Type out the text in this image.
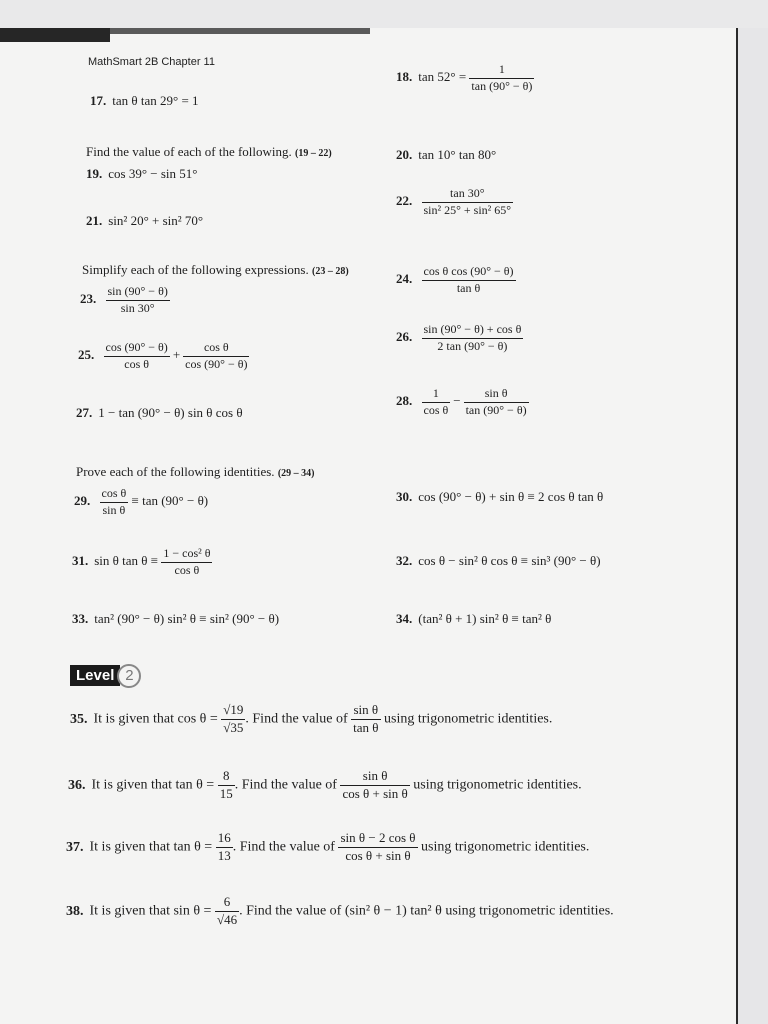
MathSmart 2B Chapter 11
17. tan θ tan 29° = 1
18. $\tan 52^\circ = \frac{1}{\tan (90^\circ - \theta)}$
Find the value of each of the following. (19 – 22)
19. cos 39° − sin 51°
20. tan 10° tan 80°
21. sin² 20° + sin² 70°
22. $\frac{\tan 30^\circ}{\text{sin² 25° + sin² 65°}}$
Simplify each of the following expressions. (23 – 28)
23. $\frac{\sin (90^\circ - \theta)}{\sin 30^\circ}$
24. $\frac{\text{cos θ cos (90° − θ)}}{\text{tan θ}}$
25. $\frac{\cos (90^\circ - \theta)}{\text{cos θ}} + \frac{\text{cos θ}}{\cos (90^\circ - \theta)}$
26. $\frac{\text{sin (90° − θ) + cos θ}}{2 \tan (90^\circ - \theta)}$
27. 1 − tan (90° − θ) sin θ cos θ
28. $\frac{1}{\text{cos θ}} - \frac{\text{sin θ}}{\tan (90^\circ - \theta)}$
Prove each of the following identities. (29 – 34)
29. $\frac{\text{cos θ}}{\text{sin θ}} \equiv \tan (90^\circ - \theta)$	30. cos (90° − θ) + sin θ ≡ 2 cos θ tan θ
31. sin θ $\tan \theta \equiv \frac{\text{1 − cos² θ}}{\text{cos θ}}$	32. cos θ − sin² θ cos θ ≡ sin³ (90° − θ)
33. tan² (90° − θ) sin² θ ≡ sin² (90° − θ)	34. (tan² θ + 1) sin² θ ≡ tan² θ
Level 2
35. It is given that $\cos \theta = \frac{√19}{√35}$ . Find the value of $\frac{\text{sin θ}}{\text{tan θ}}$ using trigonometric identities.
36. It is given that $\tan \theta = \frac{8}{15}$ . Find the value of $\frac{\text{sin θ}}{\text{cos θ + sin θ}}$ using trigonometric identities.
37. It is given that $\tan \theta = \frac{16}{13}$ . Find the value of $\frac{\text{sin θ − 2 cos θ}}{\text{cos θ + sin θ}}$ using trigonometric identities.
38. It is given that $\sin \theta = \frac{6}{√46}$ . Find the value of (sin² θ − 1) tan² θ using trigonometric identities.
